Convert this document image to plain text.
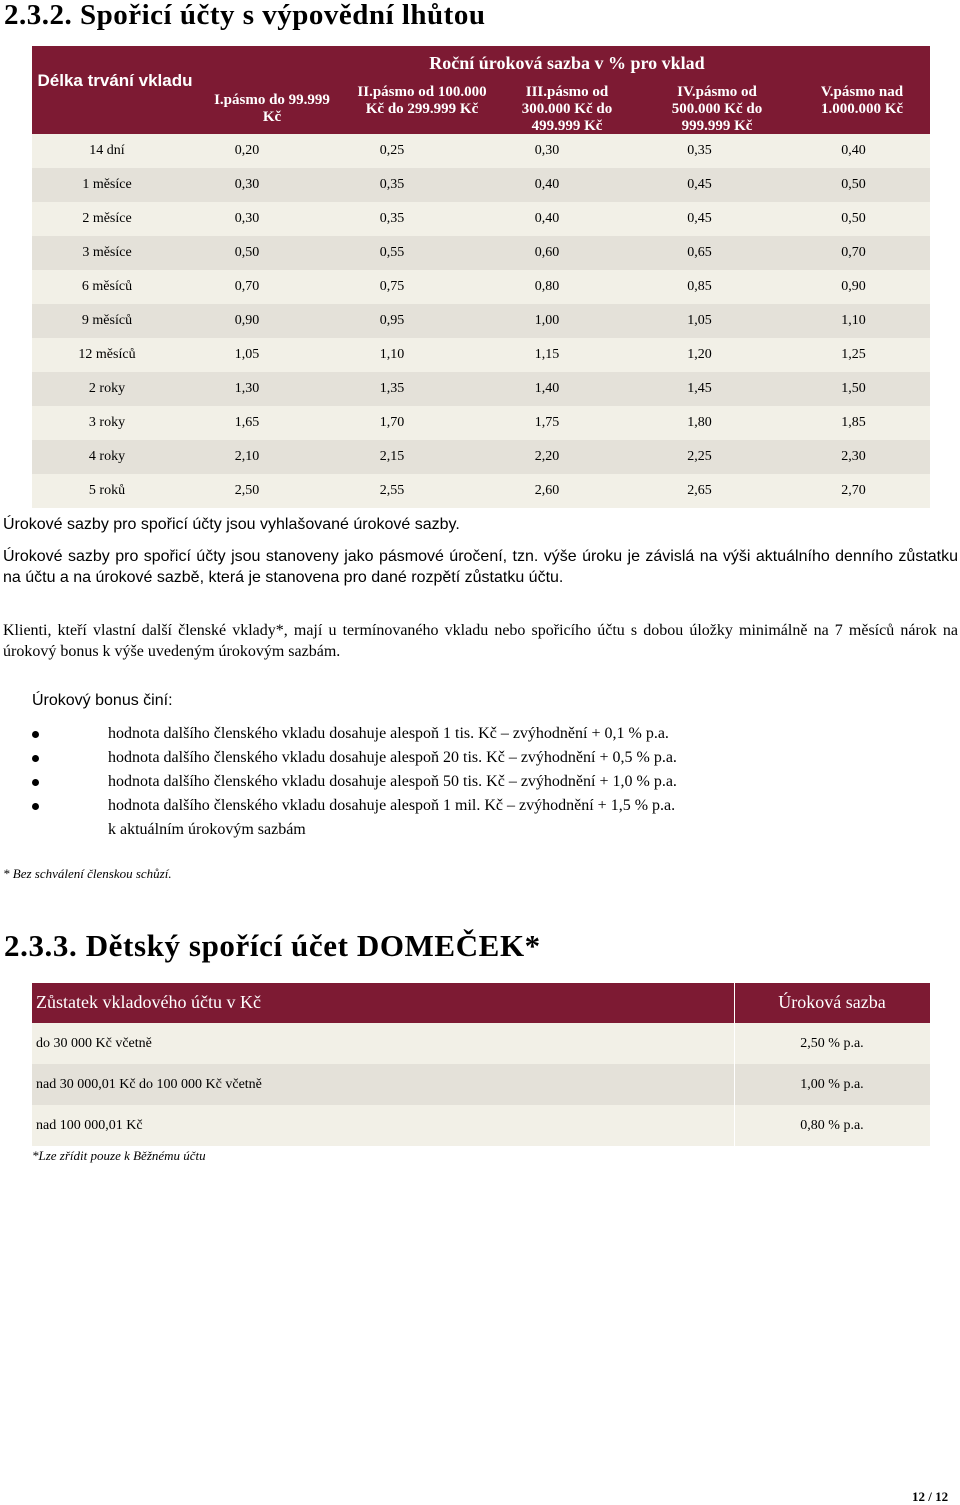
2.3.2. Spořicí účty s výpovědní lhůtou
Délka trvání vkladu
Roční úroková sazba v % pro vklad
I.pásmo do 99.999 Kč
II.pásmo od 100.000 Kč do 299.999 Kč
III.pásmo od 300.000 Kč do 499.999 Kč
IV.pásmo od 500.000 Kč do 999.999 Kč
V.pásmo nad 1.000.000 Kč
14 dní	0,20	0,25	0,30	0,35	0,40
1 měsíce	0,30	0,35	0,40	0,45	0,50
2 měsíce	0,30	0,35	0,40	0,45	0,50
3 měsíce	0,50	0,55	0,60	0,65	0,70
6 měsíců	0,70	0,75	0,80	0,85	0,90
9 měsíců	0,90	0,95	1,00	1,05	1,10
12 měsíců	1,05	1,10	1,15	1,20	1,25
2 roky	1,30	1,35	1,40	1,45	1,50
3 roky	1,65	1,70	1,75	1,80	1,85
4 roky	2,10	2,15	2,20	2,25	2,30
5 roků	2,50	2,55	2,60	2,65	2,70
Úrokové sazby pro spořicí účty jsou vyhlašované úrokové sazby.
Úrokové sazby pro spořicí účty jsou stanoveny jako pásmové úročení, tzn. výše úroku je závislá na výši aktuálního denního zůstatku na účtu a na úrokové sazbě, která je stanovena pro dané rozpětí zůstatku účtu.
Klienti, kteří vlastní další členské vklady*, mají u termínovaného vkladu nebo spořicího účtu s dobou úložky minimálně na 7 měsíců nárok na úrokový bonus k výše uvedeným úrokovým sazbám.
Úrokový bonus činí:
hodnota dalšího členského vkladu dosahuje alespoň 1 tis. Kč – zvýhodnění + 0,1 % p.a.
hodnota dalšího členského vkladu dosahuje alespoň 20 tis. Kč – zvýhodnění + 0,5 % p.a.
hodnota dalšího členského vkladu dosahuje alespoň 50 tis. Kč – zvýhodnění + 1,0 % p.a.
hodnota dalšího členského vkladu dosahuje alespoň 1 mil. Kč – zvýhodnění + 1,5 % p.a.
k aktuálním úrokovým sazbám
* Bez schválení členskou schůzí.
2.3.3. Dětský spořící účet DOMEČEK*
Zůstatek vkladového účtu v Kč	Úroková sazba
do 30 000 Kč včetně	2,50 % p.a.
nad 30 000,01 Kč do 100 000 Kč včetně	1,00 % p.a.
nad 100 000,01 Kč	0,80 % p.a.
*Lze zřídit pouze k Běžnému účtu
12 / 12
